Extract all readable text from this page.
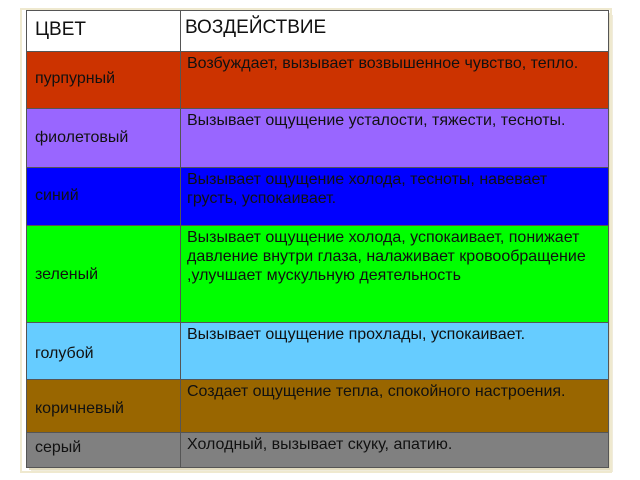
ЦВЕТ	ВОЗДЕЙСТВИЕ

пурпурный	Возбуждает, вызывает возвышенное чувство, тепло.

фиолетовый	Вызывает ощущение усталости, тяжести, тесноты.

синий	Вызывает ощущение холода, тесноты, навевает грусть, успокаивает.

зеленый	Вызывает ощущение холода, успокаивает, понижает давление внутри глаза, налаживает кровообращение ,улучшает мускульную деятельность

голубой	Вызывает ощущение прохлады, успокаивает.

коричневый	Создает ощущение тепла, спокойного настроения.

серый	Холодный, вызывает скуку, апатию.
